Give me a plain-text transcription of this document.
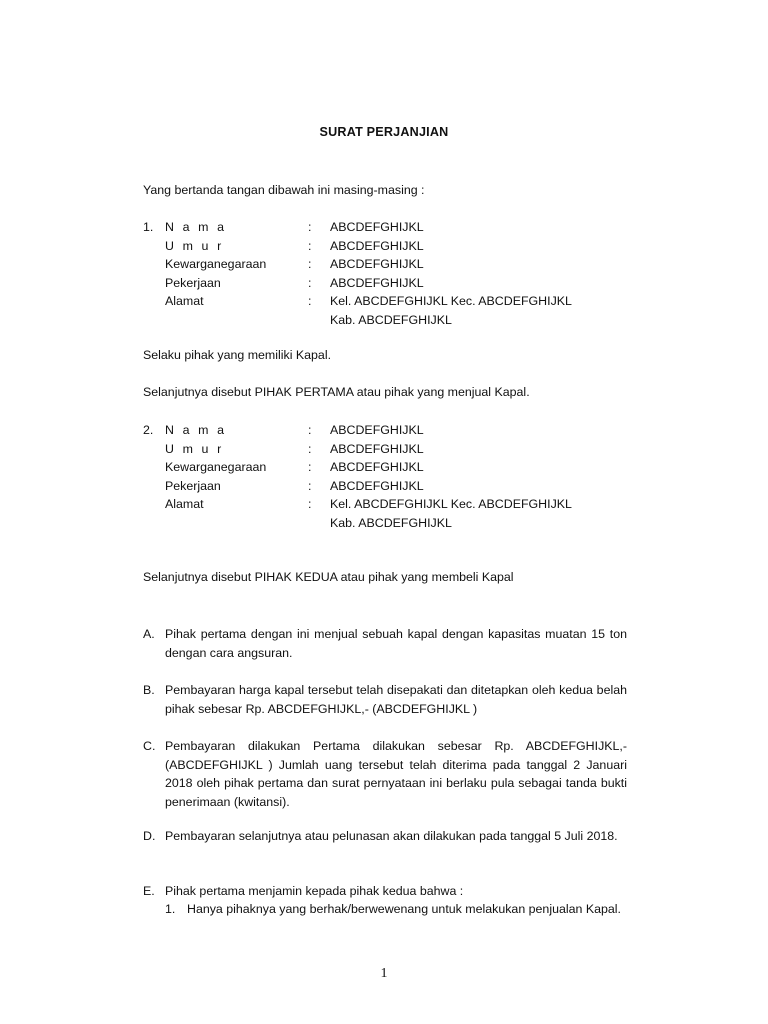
SURAT PERJANJIAN
Yang bertanda tangan dibawah ini masing-masing :
1. N a m a	: ABCDEFGHIJKL
U m u r	: ABCDEFGHIJKL
Kewarganegaraan	: ABCDEFGHIJKL
Pekerjaan	: ABCDEFGHIJKL
Alamat	: Kel. ABCDEFGHIJKL Kec. ABCDEFGHIJKL
Kab. ABCDEFGHIJKL
Selaku pihak yang memiliki Kapal.
Selanjutnya disebut PIHAK PERTAMA atau pihak yang menjual Kapal.
2. N a m a	: ABCDEFGHIJKL
U m u r	: ABCDEFGHIJKL
Kewarganegaraan	: ABCDEFGHIJKL
Pekerjaan	: ABCDEFGHIJKL
Alamat	: Kel. ABCDEFGHIJKL Kec. ABCDEFGHIJKL
Kab. ABCDEFGHIJKL
Selanjutnya disebut PIHAK KEDUA atau pihak yang membeli Kapal
A. Pihak pertama dengan ini menjual sebuah kapal dengan kapasitas muatan 15 ton dengan cara angsuran.
B. Pembayaran harga kapal tersebut telah disepakati dan ditetapkan oleh kedua belah pihak sebesar Rp. ABCDEFGHIJKL,- (ABCDEFGHIJKL )
C. Pembayaran dilakukan Pertama dilakukan sebesar Rp. ABCDEFGHIJKL,- (ABCDEFGHIJKL ) Jumlah uang tersebut telah diterima pada tanggal 2 Januari 2018 oleh pihak pertama dan surat pernyataan ini berlaku pula sebagai tanda bukti penerimaan (kwitansi).
D. Pembayaran selanjutnya atau pelunasan akan dilakukan pada tanggal 5 Juli 2018.
E. Pihak pertama menjamin kepada pihak kedua bahwa :
1. Hanya pihaknya yang berhak/berwewenang untuk melakukan penjualan Kapal.
1
